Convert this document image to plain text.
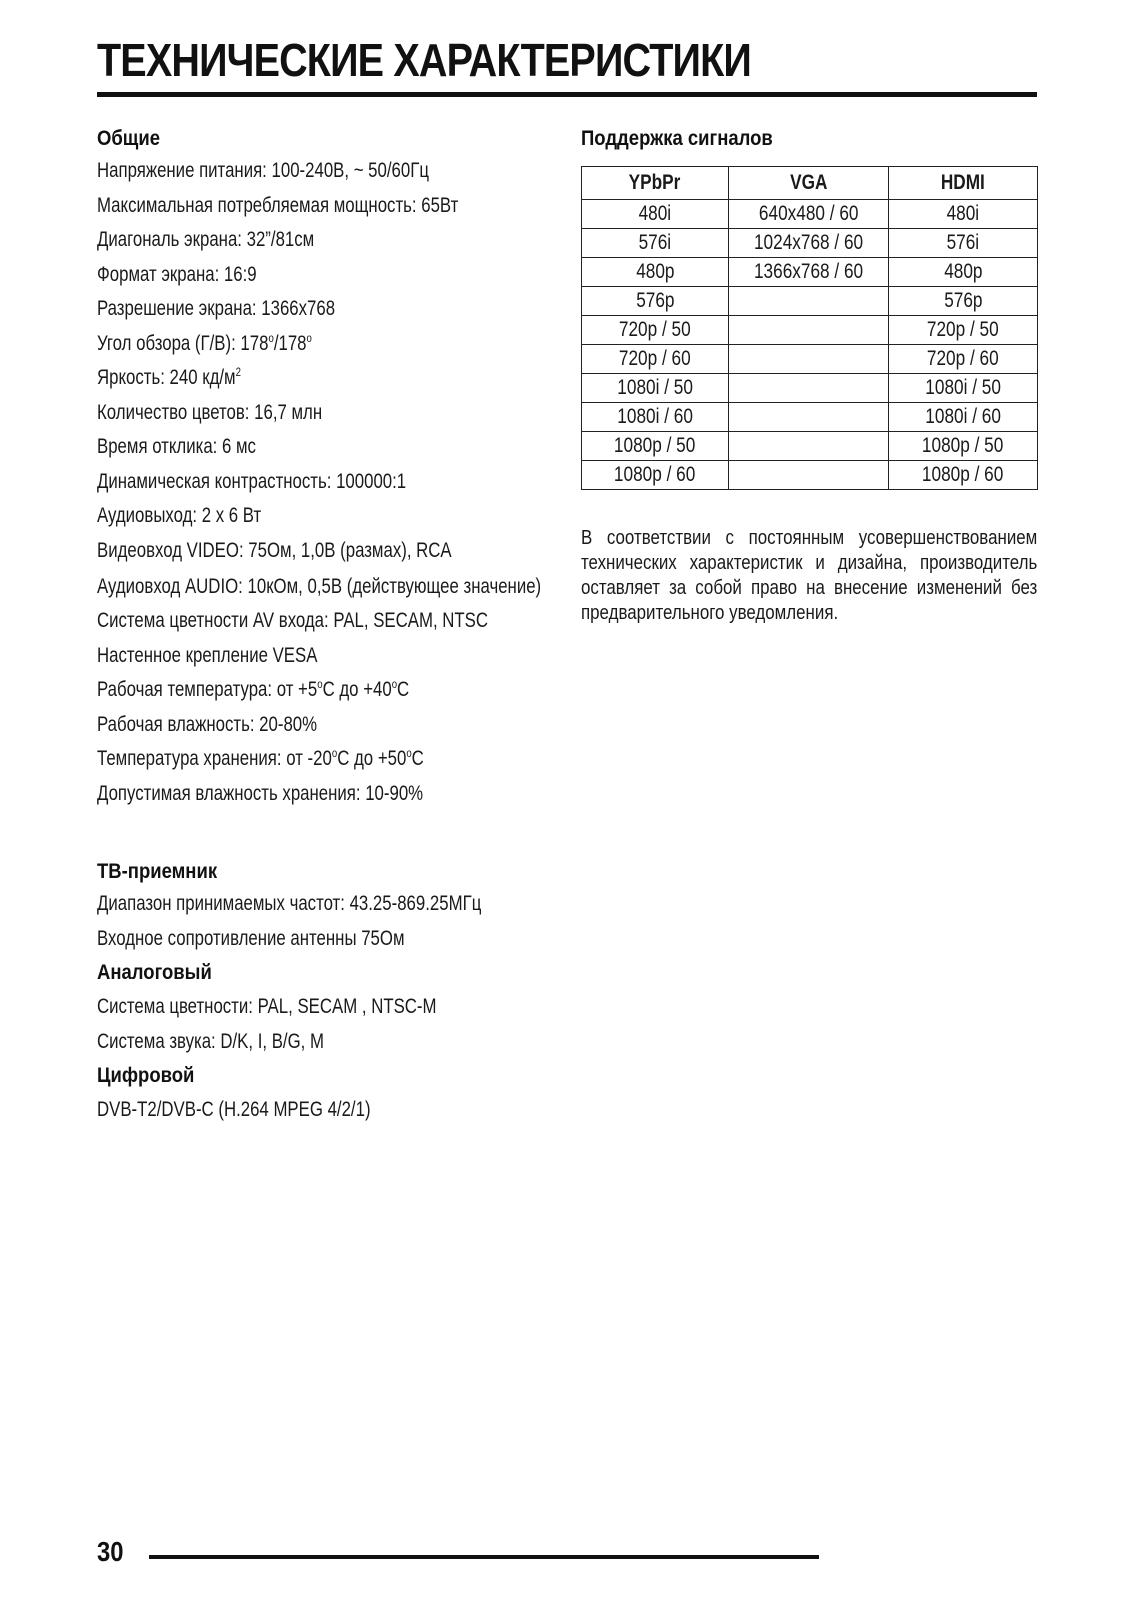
ТЕХНИЧЕСКИЕ ХАРАКТЕРИСТИКИ
Общие
Напряжение питания: 100-240В, ~ 50/60Гц
Максимальная потребляемая мощность: 65Вт
Диагональ экрана: 32”/81см
Формат экрана: 16:9
Разрешение экрана: 1366x768
Угол обзора (Г/В): 178$^o$/178$^o$
Яркость: 240 $кд/м^2$
Количество цветов: 16,7 млн
Время отклика: 6 мс
Динамическая контрастность: 100000:1
Аудиовыход: 2 х 6 Вт
Видеовход VIDEO: 75Ом, 1,0В (размах), RCA
Аудиовход AUDIO: 10кОм, 0,5В (действующее значение)
Система цветности AV входа: PAL, SECAM, NTSC
Настенное крепление VESA
Рабочая температура: от $+5^oС$ до $+40^oС$
Рабочая влажность: 20-80%
Температура хранения: от -20$^o$С до $+50^oС$
Допустимая влажность хранения: 10-90%
ТВ-приемник
Диапазон принимаемых частот: 43.25-869.25МГц
Входное сопротивление антенны 75Ом
Аналоговый
Система цветности: PAL, SECAM , NTSC-M
Система звука: D/K, I, B/G, M
Цифровой
DVB-T2/DVB-C (H.264 MPEG 4/2/1)
Поддержка сигналов
YPbPr	VGA	HDMI
480i	640x480 / 60	480i
576i	1024x768 / 60	576i
480p	1366x768 / 60	480p
576p		576p
720p / 50		720p / 50
720p / 60		720p / 60
1080i / 50		1080i / 50
1080i / 60		1080i / 60
1080p / 50		1080p / 50
1080p / 60		1080p / 60
В соответствии с постоянным усовершенствованием технических характеристик и дизайна, производитель оставляет за собой право на внесение изменений без предварительного уведомления.
30
